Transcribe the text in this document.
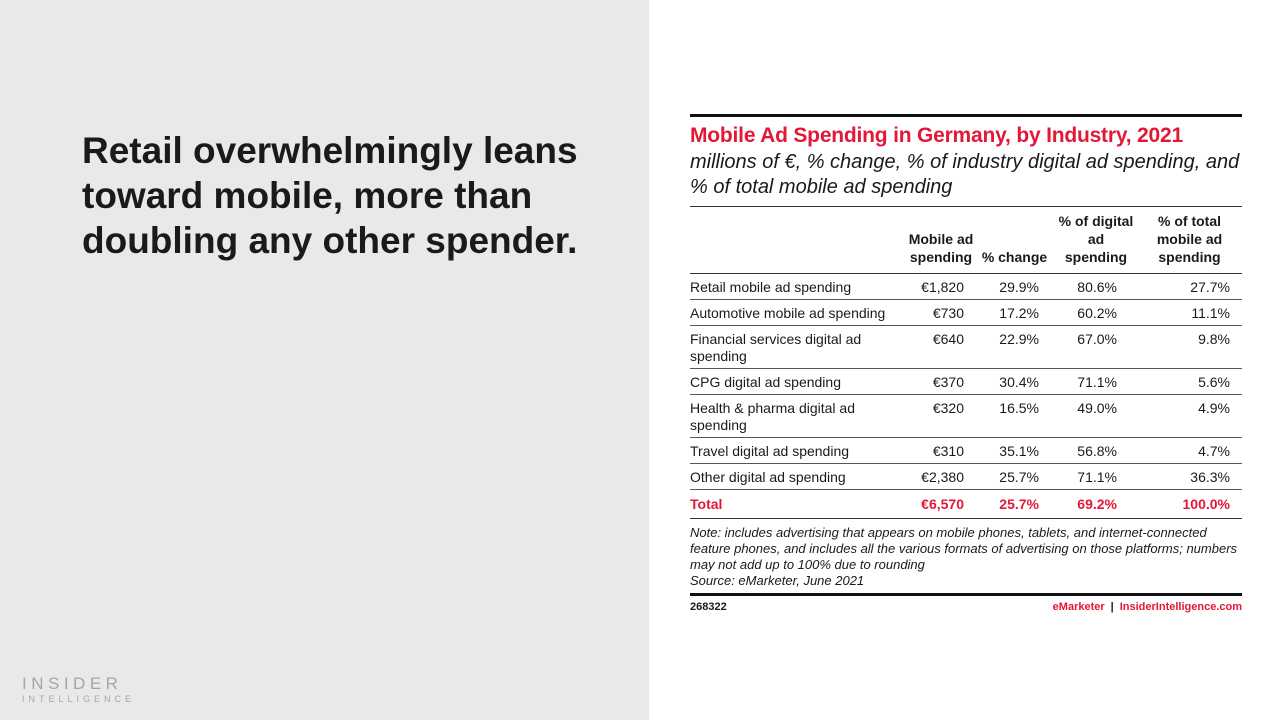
Retail overwhelmingly leans toward mobile, more than doubling any other spender.
INSIDER
INTELLIGENCE
Mobile Ad Spending in Germany, by Industry, 2021
millions of €, % change, % of industry digital ad spending, and % of total mobile ad spending
	Mobile ad spending	% change	% of digital ad spending	% of total mobile ad spending
Retail mobile ad spending	€1,820	29.9%	80.6%	27.7%
Automotive mobile ad spending	€730	17.2%	60.2%	11.1%
Financial services digital ad spending	€640	22.9%	67.0%	9.8%
CPG digital ad spending	€370	30.4%	71.1%	5.6%
Health & pharma digital ad spending	€320	16.5%	49.0%	4.9%
Travel digital ad spending	€310	35.1%	56.8%	4.7%
Other digital ad spending	€2,380	25.7%	71.1%	36.3%
Total	€6,570	25.7%	69.2%	100.0%
Note: includes advertising that appears on mobile phones, tablets, and internet-connected feature phones, and includes all the various formats of advertising on those platforms; numbers may not add up to 100% due to rounding
Source: eMarketer, June 2021
268322	eMarketer | InsiderIntelligence.com
